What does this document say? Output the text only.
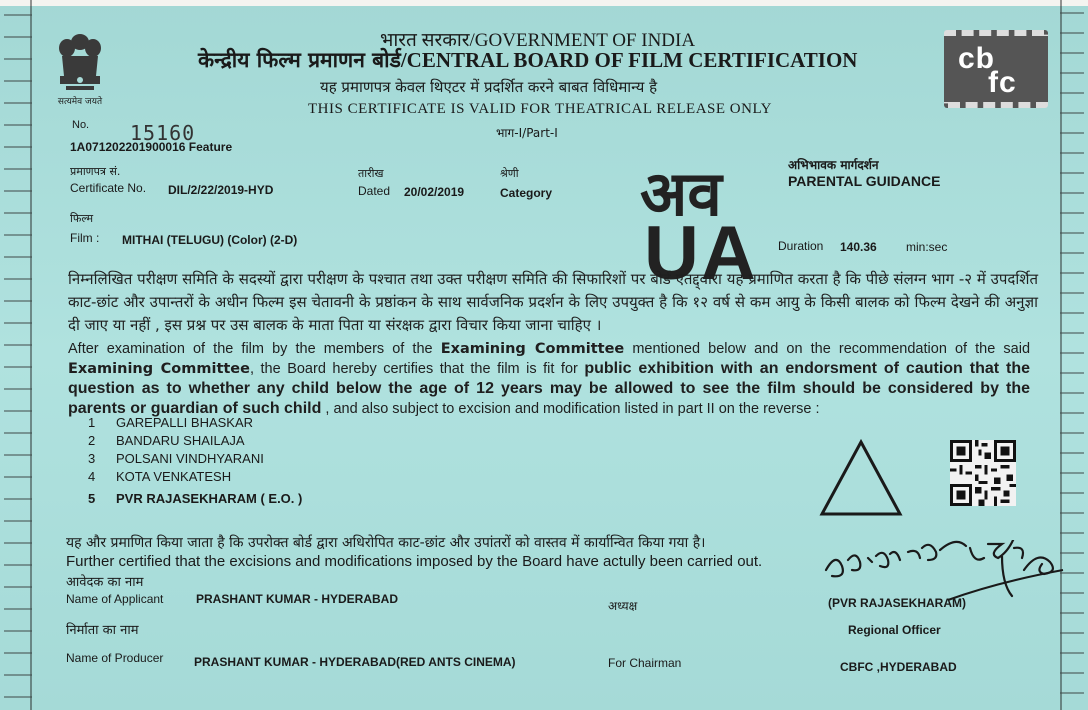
सत्यमेव जयते
भारत सरकार/GOVERNMENT OF INDIA
केन्द्रीय फिल्म प्रमाणन बोर्ड/CENTRAL BOARD OF FILM CERTIFICATION
यह प्रमाणपत्र केवल थिएटर में प्रदर्शित करने बाबत विधिमान्य है
THIS CERTIFICATE IS VALID FOR THEATRICAL RELEASE ONLY
भाग-I/Part-I
cb
fc
No. 15160
1A071202201900016 Feature
प्रमाणपत्र सं.
Certificate No. DIL/2/22/2019-HYD
तारीख
Dated 20/02/2019
श्रेणी
Category अव
UA
अभिभावक मार्गदर्शन
PARENTAL GUIDANCE
फिल्म
Film : MITHAI (TELUGU) (Color) (2-D)	Duration 140.36 min:sec
निम्नलिखित परीक्षण समिति के सदस्यों द्वारा परीक्षण के पश्चात तथा उक्त परीक्षण समिति की सिफारिशों पर बोर्ड एतद्द्वारा यह प्रमाणित करता है कि पीछे संलग्न भाग -२ में उपदर्शित काट-छांट और उपान्तरों के अधीन फिल्म इस चेतावनी के प्रष्ठांकन के साथ सार्वजनिक प्रदर्शन के लिए उपयुक्त है कि १२ वर्ष से कम आयु के किसी बालक को फिल्म देखने की अनुज्ञा दी जाए या नहीं , इस प्रश्न पर उस बालक के माता पिता या संरक्षक द्वारा विचार किया जाना चाहिए ।
After examination of the film by the members of the Examining Committee mentioned below and on the recommendation of the said Examining Committee, the Board hereby certifies that the film is fit for public exhibition with an endorsment of caution that the question as to whether any child below the age of 12 years may be allowed to see the film should be considered by the parents or guardian of such child , and also subject to excision and modification listed in part II on the reverse :
1	GAREPALLI BHASKAR
2	BANDARU SHAILAJA
3	POLSANI VINDHYARANI
4	KOTA VENKATESH
5	PVR RAJASEKHARAM ( E.O. )
यह और प्रमाणित किया जाता है कि उपरोक्त बोर्ड द्वारा अधिरोपित काट-छांट और उपांतरों को वास्तव में कार्यान्वित किया गया है।
Further certified that the excisions and modifications imposed by the Board have actully been carried out.
आवेदक का नाम
Name of Applicant	PRASHANT KUMAR - HYDERABAD	अध्यक्ष
निर्माता का नाम
Name of Producer	PRASHANT KUMAR - HYDERABAD(RED ANTS CINEMA)	For Chairman
(PVR RAJASEKHARAM)
Regional Officer
CBFC ,HYDERABAD
